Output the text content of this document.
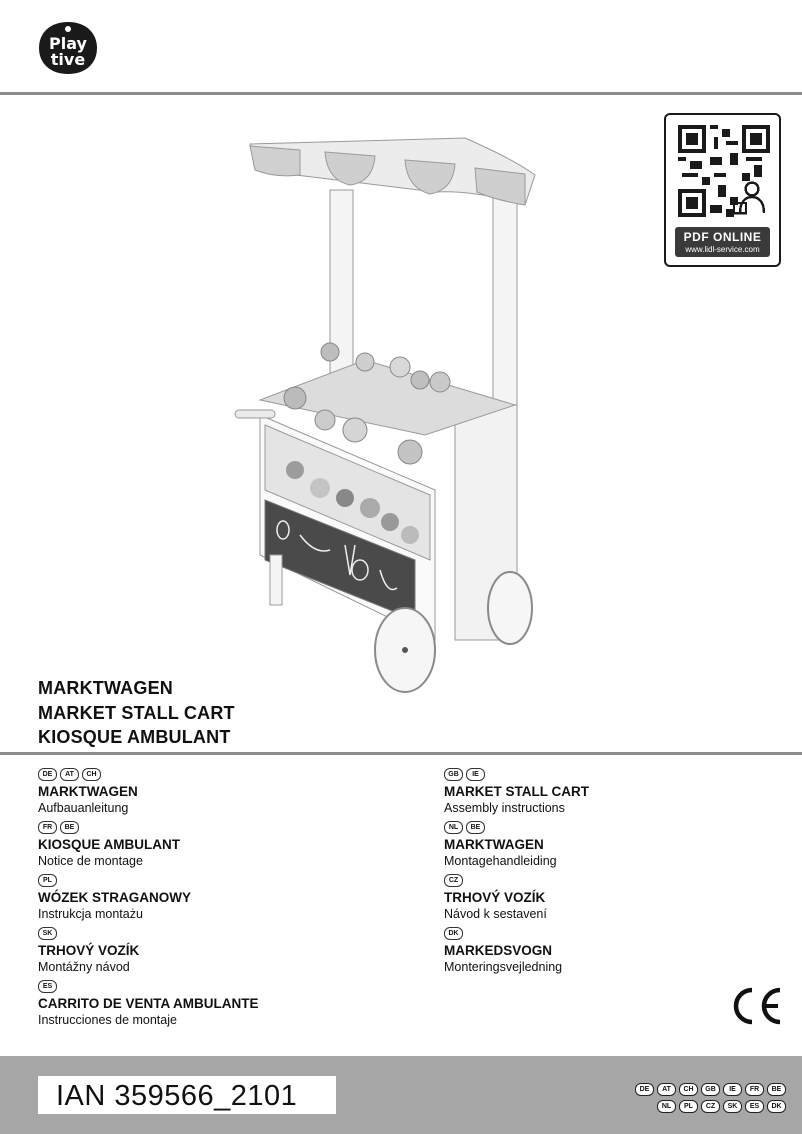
Play
tive
PDF ONLINE
www.lidl-service.com
MARKTWAGEN
MARKET STALL CART
KIOSQUE AMBULANT
DE	AT	CH
MARKTWAGEN
Aufbauanleitung
FR	BE
KIOSQUE AMBULANT
Notice de montage
PL
WÓZEK STRAGANOWY
Instrukcja montażu
SK
TRHOVÝ VOZÍK
Montážny návod
ES
CARRITO DE VENTA AMBULANTE
Instrucciones de montaje
GB	IE
MARKET STALL CART
Assembly instructions
NL	BE
MARKTWAGEN
Montagehandleiding
CZ
TRHOVÝ VOZÍK
Návod k sestavení
DK
MARKEDSVOGN
Monteringsvejledning
IAN 359566_2101	DE	AT	CH	GB	IE	FR	BE
NL	PL	CZ	SK	ES	DK
